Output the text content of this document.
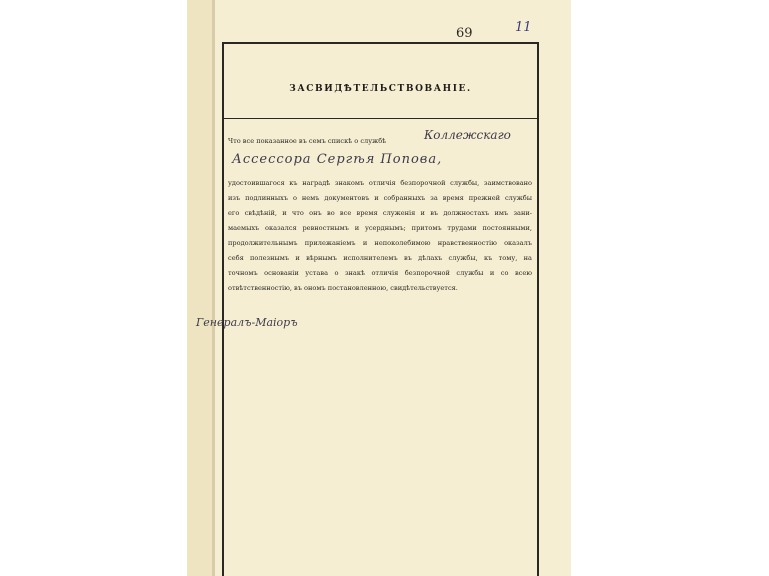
69	11
ЗАСВИДѢТЕЛЬСТВОВАНІЕ.
Что все показанное въ семъ спискѣ о службѣ	Коллежскаго
Ассессора Сергѣя Попова,
удостоившагося къ наградѣ знакомъ отличія безпорочной службы, заимствовано
изъ подлинныхъ о немъ документовъ и собранныхъ за время прежней службы
его свѣдѣній, и что онъ во все время служенія и въ должностахъ имъ зани-
маемыхъ оказался ревностнымъ и усерднымъ; притомъ трудами постоянными,
продолжительнымъ прилежаніемъ и непоколебимою нравственностію оказалъ
себя полезнымъ и вѣрнымъ исполнителемъ въ дѣлахъ службы, къ тому, на
точномъ основаніи устава о знакѣ отличія безпорочной службы и со всею
отвѣтственностію, въ ономъ постановленною, свидѣтельствуется.
Генералъ-Маіоръ
